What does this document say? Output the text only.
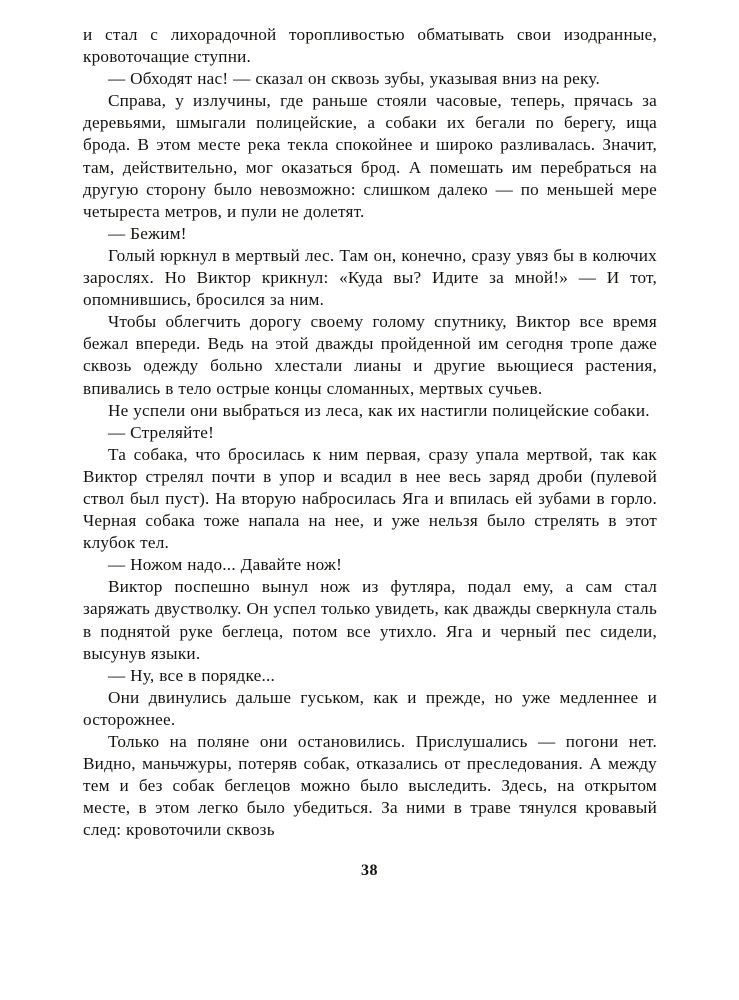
и стал с лихорадочной торопливостью обматывать свои изодранные, кровоточащие ступни.

— Обходят нас! — сказал он сквозь зубы, указывая вниз на реку.

Справа, у излучины, где раньше стояли часовые, теперь, прячась за деревьями, шмыгали полицейские, а собаки их бегали по берегу, ища брода. В этом месте река текла спокойнее и широко разливалась. Значит, там, действительно, мог оказаться брод. А помешать им перебраться на другую сторону было невозможно: слишком далеко — по меньшей мере четыреста метров, и пули не долетят.

— Бежим!

Голый юркнул в мертвый лес. Там он, конечно, сразу увяз бы в колючих зарослях. Но Виктор крикнул: «Куда вы? Идите за мной!» — И тот, опомнившись, бросился за ним.

Чтобы облегчить дорогу своему голому спутнику, Виктор все время бежал впереди. Ведь на этой дважды пройденной им сегодня тропе даже сквозь одежду больно хлестали лианы и другие вьющиеся растения, впивались в тело острые концы сломанных, мертвых сучьев.

Не успели они выбраться из леса, как их настигли полицейские собаки.

— Стреляйте!

Та собака, что бросилась к ним первая, сразу упала мертвой, так как Виктор стрелял почти в упор и всадил в нее весь заряд дроби (пулевой ствол был пуст). На вторую набросилась Яга и впилась ей зубами в горло. Черная собака тоже напала на нее, и уже нельзя было стрелять в этот клубок тел.

— Ножом надо... Давайте нож!

Виктор поспешно вынул нож из футляра, подал ему, а сам стал заряжать двустволку. Он успел только увидеть, как дважды сверкнула сталь в поднятой руке беглеца, потом все утихло. Яга и черный пес сидели, высунув языки.

— Ну, все в порядке...

Они двинулись дальше гуськом, как и прежде, но уже медленнее и осторожнее.

Только на поляне они остановились. Прислушались — погони нет. Видно, маньчжуры, потеряв собак, отказались от преследования. А между тем и без собак беглецов можно было выследить. Здесь, на открытом месте, в этом легко было убедиться. За ними в траве тянулся кровавый след: кровоточили сквозь

38
